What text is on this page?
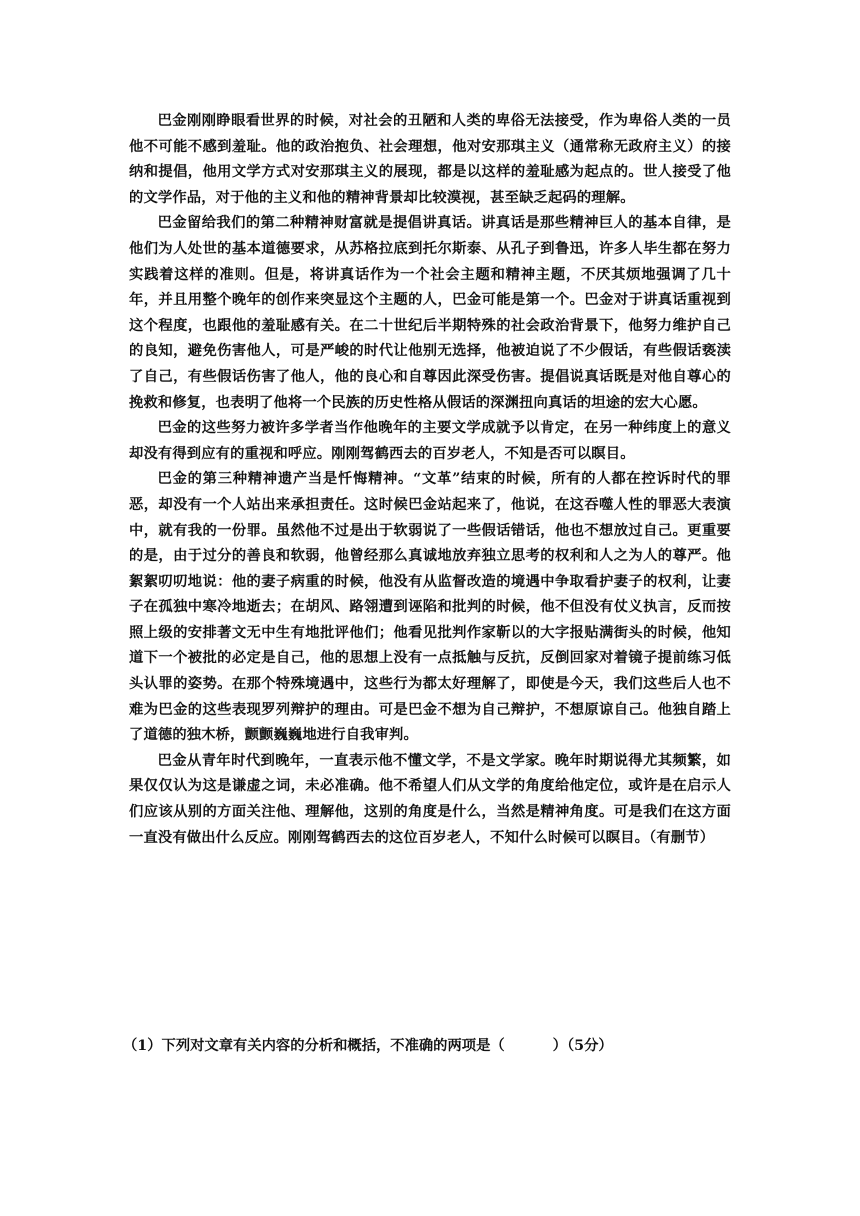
巴金刚刚睁眼看世界的时候，对社会的丑陋和人类的卑俗无法接受，作为卑俗人类的一员他不可能不感到羞耻。他的政治抱负、社会理想，他对安那琪主义（通常称无政府主义）的接纳和提倡，他用文学方式对安那琪主义的展现，都是以这样的羞耻感为起点的。世人接受了他的文学作品，对于他的主义和他的精神背景却比较漠视，甚至缺乏起码的理解。

巴金留给我们的第二种精神财富就是提倡讲真话。讲真话是那些精神巨人的基本自律，是他们为人处世的基本道德要求，从苏格拉底到托尔斯泰、从孔子到鲁迅，许多人毕生都在努力实践着这样的准则。但是，将讲真话作为一个社会主题和精神主题，不厌其烦地强调了几十年，并且用整个晚年的创作来突显这个主题的人，巴金可能是第一个。巴金对于讲真话重视到这个程度，也跟他的羞耻感有关。在二十世纪后半期特殊的社会政治背景下，他努力维护自己的良知，避免伤害他人，可是严峻的时代让他别无选择，他被迫说了不少假话，有些假话亵渎了自己，有些假话伤害了他人，他的良心和自尊因此深受伤害。提倡说真话既是对他自尊心的挽救和修复，也表明了他将一个民族的历史性格从假话的深渊扭向真话的坦途的宏大心愿。

巴金的这些努力被许多学者当作他晚年的主要文学成就予以肯定，在另一种纬度上的意义却没有得到应有的重视和呼应。刚刚驾鹤西去的百岁老人，不知是否可以瞑目。

巴金的第三种精神遗产当是忏悔精神。“文革”结束的时候，所有的人都在控诉时代的罪恶，却没有一个人站出来承担责任。这时候巴金站起来了，他说，在这吞噬人性的罪恶大表演中，就有我的一份罪。虽然他不过是出于软弱说了一些假话错话，他也不想放过自己。更重要的是，由于过分的善良和软弱，他曾经那么真诚地放弃独立思考的权利和人之为人的尊严。他絮絮叨叨地说：他的妻子病重的时候，他没有从监督改造的境遇中争取看护妻子的权利，让妻子在孤独中寒冷地逝去；在胡风、路翎遭到诬陷和批判的时候，他不但没有仗义执言，反而按照上级的安排著文无中生有地批评他们；他看见批判作家靳以的大字报贴满街头的时候，他知道下一个被批的必定是自己，他的思想上没有一点抵触与反抗，反倒回家对着镜子提前练习低头认罪的姿势。在那个特殊境遇中，这些行为都太好理解了，即使是今天，我们这些后人也不难为巴金的这些表现罗列辩护的理由。可是巴金不想为自己辩护，不想原谅自己。他独自踏上了道德的独木桥，颤颤巍巍地进行自我审判。

巴金从青年时代到晚年，一直表示他不懂文学，不是文学家。晚年时期说得尤其频繁，如果仅仅认为这是谦虚之词，未必准确。他不希望人们从文学的角度给他定位，或许是在启示人们应该从别的方面关注他、理解他，这别的角度是什么，当然是精神角度。可是我们在这方面一直没有做出什么反应。刚刚驾鹤西去的这位百岁老人，不知什么时候可以瞑目。（有删节）

（1）下列对文章有关内容的分析和概括，不准确的两项是（	）（5分）
